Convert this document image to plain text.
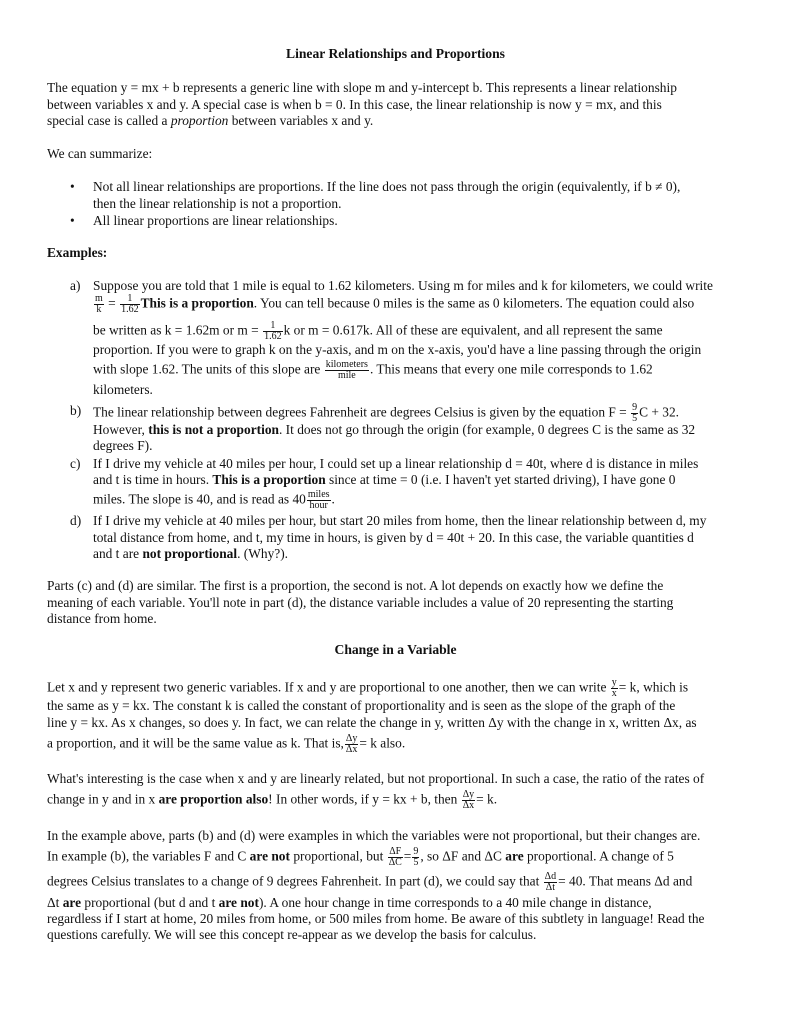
Linear Relationships and Proportions
The equation y = mx + b represents a generic line with slope m and y-intercept b. This represents a linear relationship
between variables x and y. A special case is when b = 0. In this case, the linear relationship is now y = mx, and this
special case is called a proportion between variables x and y.
We can summarize:
• Not all linear relationships are proportions. If the line does not pass through the origin (equivalently, if b ≠ 0),
then the linear relationship is not a proportion.
• All linear proportions are linear relationships.
Examples:
a) Suppose you are told that 1 mile is equal to 1.62 kilometers. Using m for miles and k for kilometers, we could write
$\frac{m}{k} = \frac{1}{1.62}$ This is a proportion. You can tell because 0 miles is the same as 0 kilometers. The equation could also
be written as k = 1.62m or $m = \frac{1}{1.62}$ k or m = 0.617k. All of these are equivalent, and all represent the same
proportion. If you were to graph k on the y-axis, and m on the x-axis, you'd have a line passing through the origin
with slope 1.62. The units of this slope are $\frac{\text{kilometers}}{\text{mile}}$ . This means that every one mile corresponds to 1.62
kilometers.
b) The linear relationship between degrees Fahrenheit are degrees Celsius is given by the equation $F = \frac{9}{5}$ C + 32.
However, this is not a proportion. It does not go through the origin (for example, 0 degrees C is the same as 32
degrees F).
c) If I drive my vehicle at 40 miles per hour, I could set up a linear relationship d = 40t, where d is distance in miles
and t is time in hours. This is a proportion since at time = 0 (i.e. I haven't yet started driving), I have gone 0
miles. The slope is 40, and is read as $40 \frac{\text{miles}}{\text{hour}}$ .
d) If I drive my vehicle at 40 miles per hour, but start 20 miles from home, then the linear relationship between d, my
total distance from home, and t, my time in hours, is given by d = 40t + 20. In this case, the variable quantities d
and t are not proportional. (Why?).
Parts (c) and (d) are similar. The first is a proportion, the second is not. A lot depends on exactly how we define the
meaning of each variable. You'll note in part (d), the distance variable includes a value of 20 representing the starting
distance from home.
Change in a Variable
Let x and y represent two generic variables. If x and y are proportional to one another, then we can write $\frac{y}{x} = k$, which is
the same as y = kx. The constant k is called the constant of proportionality and is seen as the slope of the graph of the
line y = kx. As x changes, so does y. In fact, we can relate the change in y, written Δy with the change in x, written Δx, as
a proportion, and it will be the same value as k. That is, $\frac{\Delta y}{\Delta x} = k$ also.
What's interesting is the case when x and y are linearly related, but not proportional. In such a case, the ratio of the rates of
change in y and in x are proportion also! In other words, if y = kx + b, then $\frac{\Delta y}{\Delta x} = k$.
In the example above, parts (b) and (d) were examples in which the variables were not proportional, but their changes are.
In example (b), the variables F and C are not proportional, but $\frac{\Delta F}{\Delta C} = \frac{9}{5}$ , so ΔF and ΔC are proportional. A change of 5
degrees Celsius translates to a change of 9 degrees Fahrenheit. In part (d), we could say that $\frac{\Delta d}{\Delta t} = 40$. That means Δd and
Δt are proportional (but d and t are not). A one hour change in time corresponds to a 40 mile change in distance,
regardless if I start at home, 20 miles from home, or 500 miles from home. Be aware of this subtlety in language! Read the
questions carefully. We will see this concept re-appear as we develop the basis for calculus.
